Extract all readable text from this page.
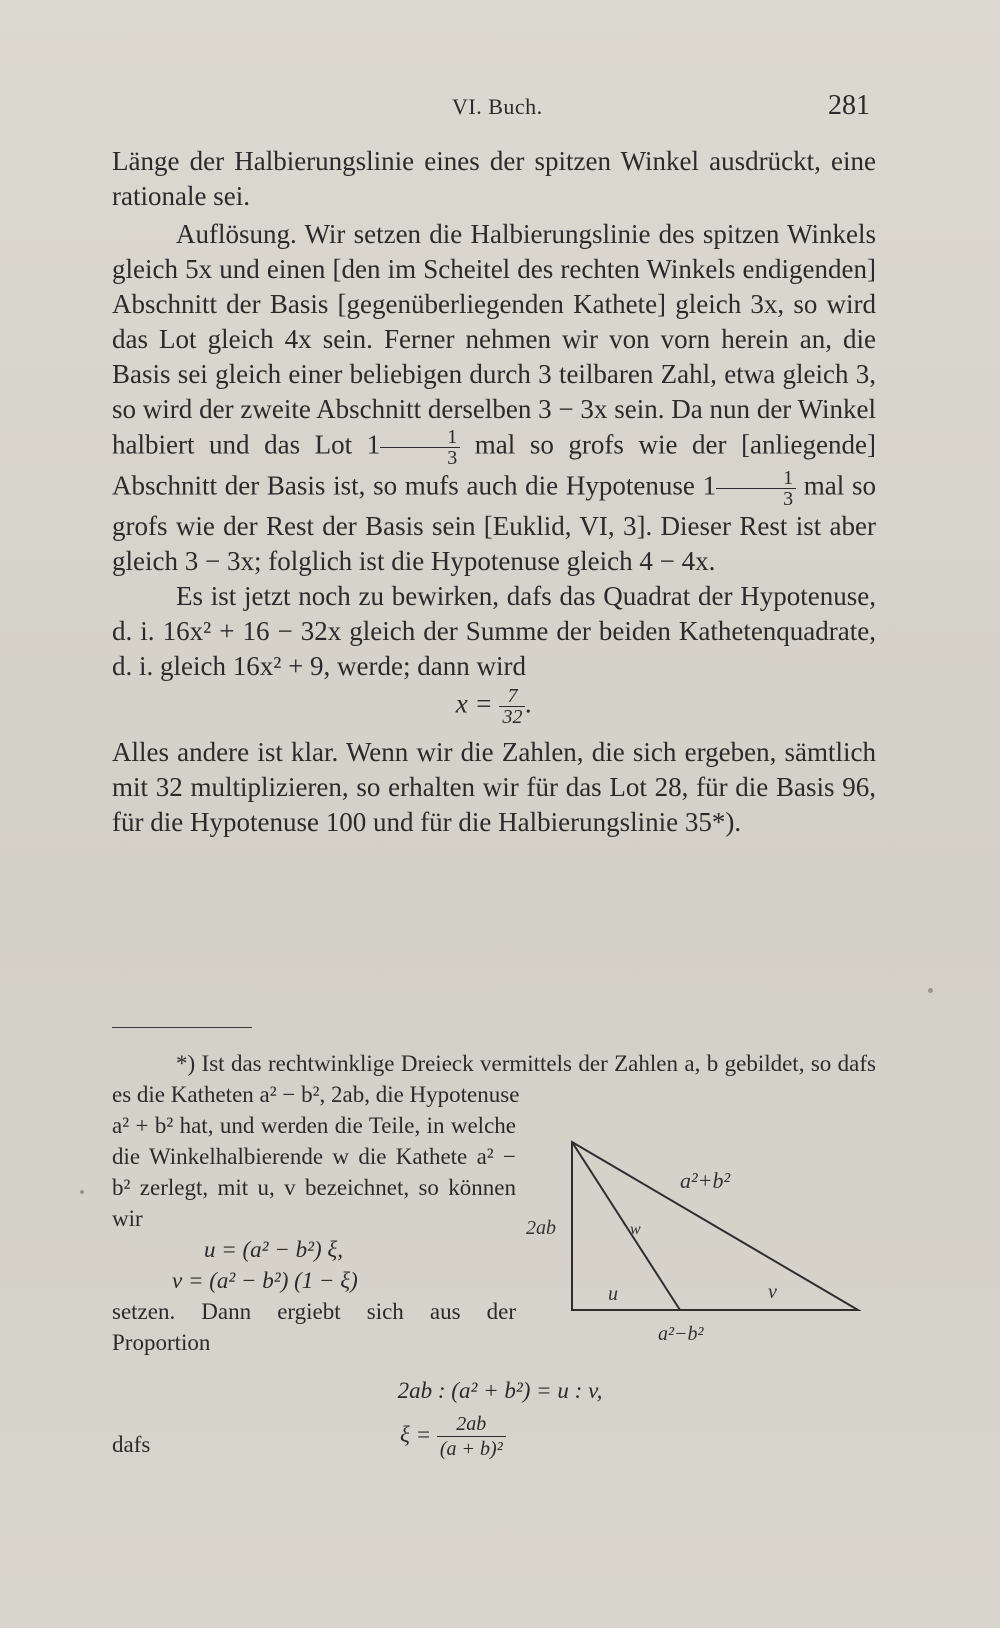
VI. Buch.	281

Länge der Halbierungslinie eines der spitzen Winkel ausdrückt, eine rationale sei.

Auflösung. Wir setzen die Halbierungslinie des spitzen Winkels gleich 5x und einen [den im Scheitel des rechten Winkels endigenden] Abschnitt der Basis [gegenüberliegenden Kathete] gleich 3x, so wird das Lot gleich 4x sein. Ferner nehmen wir von vorn herein an, die Basis sei gleich einer beliebigen durch 3 teilbaren Zahl, etwa gleich 3, so wird der zweite Abschnitt derselben 3 − 3x sein. Da nun der Winkel halbiert und das Lot $1 \frac{1}{3}$ mal so grofs wie der [anliegende] Abschnitt der Basis ist, so mufs auch die Hypotenuse $1 \frac{1}{3}$ mal so grofs wie der Rest der Basis sein [Euklid, VI, 3]. Dieser Rest ist aber gleich 3 − 3x; folglich ist die Hypotenuse gleich 4 − 4x.

Es ist jetzt noch zu bewirken, dafs das Quadrat der Hypotenuse, d. i. 16x² + 16 − 32x gleich der Summe der beiden Kathetenquadrate, d. i. gleich 16x² + 9, werde; dann wird

$x = \frac{7}{32}$ .

Alles andere ist klar. Wenn wir die Zahlen, die sich ergeben, sämtlich mit 32 multiplizieren, so erhalten wir für das Lot 28, für die Basis 96, für die Hypotenuse 100 und für die Halbierungslinie 35*).

*) Ist das rechtwinklige Dreieck vermittels der Zahlen a, b gebildet, so dafs es die Katheten a² − b², 2ab, die Hypotenuse

a² + b² hat, und werden die Teile, in welche die Winkelhalbierende w die Kathete a² − b² zerlegt, mit u, v bezeichnet, so können wir

u = (a² − b²) ξ,

v = (a² − b²) (1 − ξ)

setzen. Dann ergiebt sich aus der Proportion

a²+b²
2ab	w
u	v
a²−b²
2ab : (a² + b²) = u : v,
dafs	$\xi = \frac{2ab}{\text{(a + b)²}}$
